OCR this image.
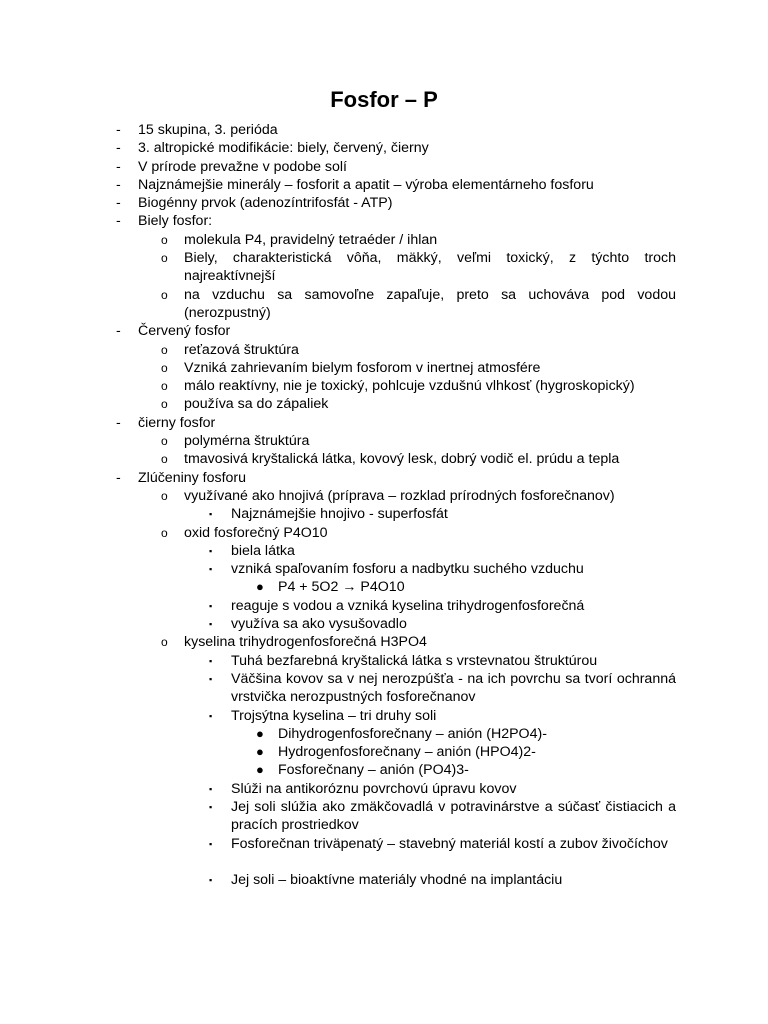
Fosfor – P
- 15 skupina, 3. perióda
- 3. altropické modifikácie: biely, červený, čierny
- V prírode prevažne v podobe solí
- Najznámejšie minerály – fosforit a apatit – výroba elementárneho fosforu
- Biogénny prvok (adenozíntrifosfát - ATP)
- Biely fosfor:
o molekula P4, pravidelný tetraéder / ihlan
o Biely, charakteristická vôňa, mäkký, veľmi toxický, z týchto troch najreaktívnejší
o na vzduchu sa samovoľne zapaľuje, preto sa uchováva pod vodou (nerozpustný)
- Červený fosfor
o reťazová štruktúra
o Vzniká zahrievaním bielym fosforom v inertnej atmosfére
o málo reaktívny, nie je toxický, pohlcuje vzdušnú vlhkosť (hygroskopický)
o používa sa do zápaliek
- čierny fosfor
o polymérna štruktúra
o tmavosivá kryštalická látka, kovový lesk, dobrý vodič el. prúdu a tepla
- Zlúčeniny fosforu
o využívané ako hnojivá (príprava – rozklad prírodných fosforečnanov)
▪ Najznámejšie hnojivo - superfosfát
o oxid fosforečný P4O10
▪ biela látka
▪ vzniká spaľovaním fosforu a nadbytku suchého vzduchu
● P4 + 5O2 → P4O10
▪ reaguje s vodou a vzniká kyselina trihydrogenfosforečná
▪ využíva sa ako vysušovadlo
o kyselina trihydrogenfosforečná H3PO4
▪ Tuhá bezfarebná kryštalická látka s vrstevnatou štruktúrou
▪ Väčšina kovov sa v nej nerozpúšťa - na ich povrchu sa tvorí ochranná vrstvička nerozpustných fosforečnanov
▪ Trojsýtna kyselina – tri druhy soli
● Dihydrogenfosforečnany – anión (H2PO4)-
● Hydrogenfosforečnany – anión (HPO4)2-
● Fosforečnany – anión (PO4)3-
▪ Slúži na antikoróznu povrchovú úpravu kovov
▪ Jej soli slúžia ako zmäkčovadlá v potravinárstve a súčasť čistiacich a pracích prostriedkov
▪ Fosforečnan triväpenatý – stavebný materiál kostí a zubov živočíchov
▪ Jej soli – bioaktívne materiály vhodné na implantáciu
